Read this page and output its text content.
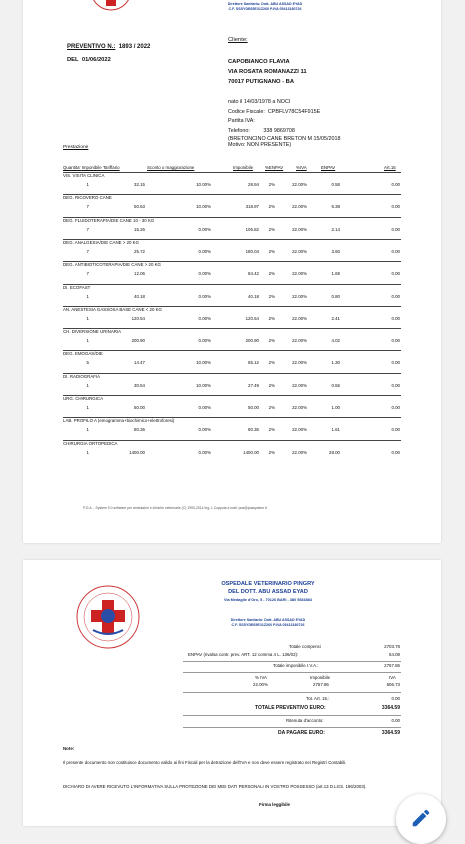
Direttore Sanitario: Dott. ABU ASSAD EYAD
C.F. SSSYDE65E31Z260 P.IVA 05413180726
PREVENTIVO N.: 1893 / 2022
DEL 01/06/2022
Cliente:
CAPOBIANCO FLAVIA
VIA ROSATA ROMANAZZI 11
70017 PUTIGNANO - BA
nato il 14/03/1978 a NOCI
Codice Fiscale: CPBFLV78C54F915E
Partita IVA:
Telefono: 338 9869708
(BRETONCINO CANE BRETON M 15/05/2018
Motivo: NON PRESENTE)
Prestazione
Quantita' Imponibile Tariffario	Sconto o maggiorazione	Imponibile	%ENPAV	%IVA	ENPAV	Art.15
VIS. VISITA CLINICA
1	32.15	10.00%	28.94	2%	22.00%	0.58	0.00
DEG. RICOVERO CANE
7	50.63	10.00%	318.97	2%	22.00%	6.38	0.00
DEG. FLUIDOTERAPIA/DIE CANE 10 - 30 KG
7	15.26	0.00%	106.82	2%	22.00%	2.14	0.00
DEG. ANALGESIA/DIE CANE > 20 KG
7	25.72	0.00%	180.04	2%	22.00%	3.60	0.00
DEG. ANTIBIOTICOTERAPIA/DIE CANE > 20 KG
7	12.06	0.00%	84.42	2%	22.00%	1.69	0.00
DI. ECOFAST
1	40.18	0.00%	40.18	2%	22.00%	0.80	0.00
AN. ANESTESIA GASSOSA BASE CANE < 20 KG
1	120.54	0.00%	120.54	2%	22.00%	2.41	0.00
CH. DIVERSIONE URINARIA
1	200.90	0.00%	200.90	2%	22.00%	4.02	0.00
DEG. EMOGAS/DIE
5	14.47	10.00%	65.12	2%	22.00%	1.30	0.00
DI. RADIOGRAFIA
1	30.54	10.00%	27.49	2%	22.00%	0.55	0.00
URG. CHIRURGICA
1	50.00	0.00%	50.00	2%	22.00%	1.00	0.00
LAB. PROFILO A (emogramma+biochimico+elettroforesi)
1	80.36	0.00%	80.36	2%	22.00%	1.61	0.00
CHIRURGIA ORTOPEDICA
1	1400.00	0.00%	1400.00	2%	22.00%	28.00	0.00
P.O.A. - System 9.0 software per ambulatori e cliniche veterinarie (C) 1993-2014 Ing. L.Coppola e-mail: poa@poasystem.it
OSPEDALE VETERINARIO PINGRY
DEL DOTT. ABU ASSAD EYAD
Via Medaglie d'Oro, 5 - 70126 BARI - 380 5533884
Direttore Sanitario: Dott. ABU ASSAD EYAD
C.F. SSSYDE65E31Z260 P.IVA 05413180726
Totale compensi	2703.78
ENPAV (rivalsa contr. prev. ART. 12 comma 4 L. 136/02):	54.08
Totale imponibile I.V.A.:	2757.86
% IVA	Imponibile	IVA
22.00%	2757.86	606.73
Tot. Art. 15.:	0.00
TOTALE PREVENTIVO EURO:	3364.59
Ritenuta d'acconto:	0.00
DA PAGARE EURO:	3364.59
Note:
Il presente documento non costituisce documento valido ai fini Fiscali per la detrazione dell'IVA e non deve essere registrato nei Registri Contabili.
DICHIARO DI AVERE RICEVUTO L'INFORMATIVA SULLA PROTEZIONE DEI MIEI DATI PERSONALI IN VOSTRO POSSESSO (art.13 D.LGS. 196/2003).
Firma leggibile
